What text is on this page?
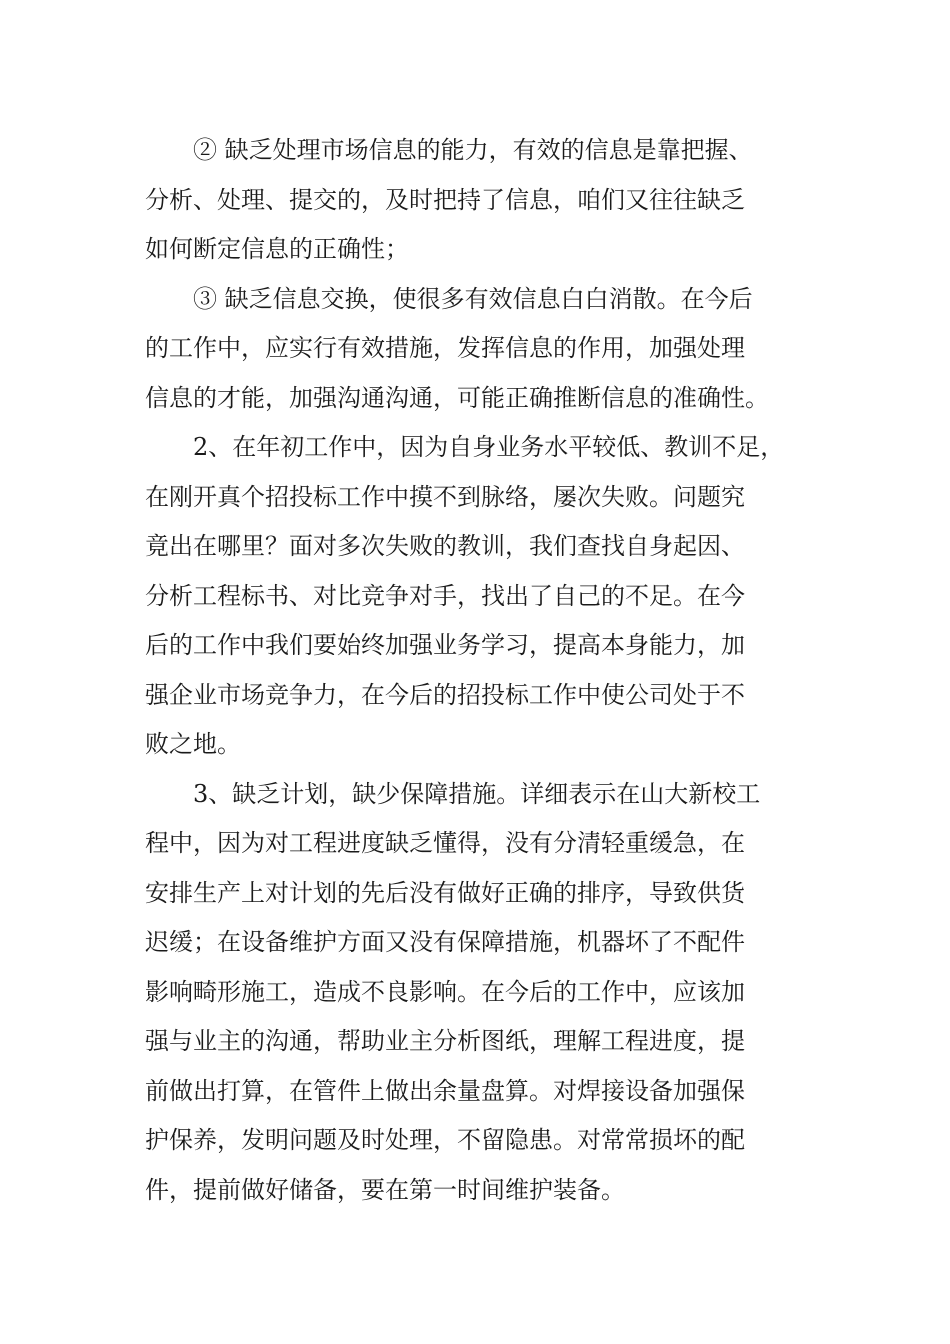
② 缺乏处理市场信息的能力，有效的信息是靠把握、
分析、处理、提交的，及时把持了信息，咱们又往往缺乏
如何断定信息的正确性；
③ 缺乏信息交换，使很多有效信息白白消散。在今后
的工作中，应实行有效措施，发挥信息的作用，加强处理
信息的才能，加强沟通沟通，可能正确推断信息的准确性。
2、在年初工作中，因为自身业务水平较低、教训不足，
在刚开真个招投标工作中摸不到脉络，屡次失败。问题究
竟出在哪里？面对多次失败的教训，我们查找自身起因、
分析工程标书、对比竞争对手，找出了自己的不足。在今
后的工作中我们要始终加强业务学习，提高本身能力，加
强企业市场竞争力，在今后的招投标工作中使公司处于不
败之地。
3、缺乏计划，缺少保障措施。详细表示在山大新校工
程中，因为对工程进度缺乏懂得，没有分清轻重缓急，在
安排生产上对计划的先后没有做好正确的排序，导致供货
迟缓；在设备维护方面又没有保障措施，机器坏了不配件
影响畸形施工，造成不良影响。在今后的工作中，应该加
强与业主的沟通，帮助业主分析图纸，理解工程进度，提
前做出打算，在管件上做出余量盘算。对焊接设备加强保
护保养，发明问题及时处理，不留隐患。对常常损坏的配
件，提前做好储备，要在第一时间维护装备。
